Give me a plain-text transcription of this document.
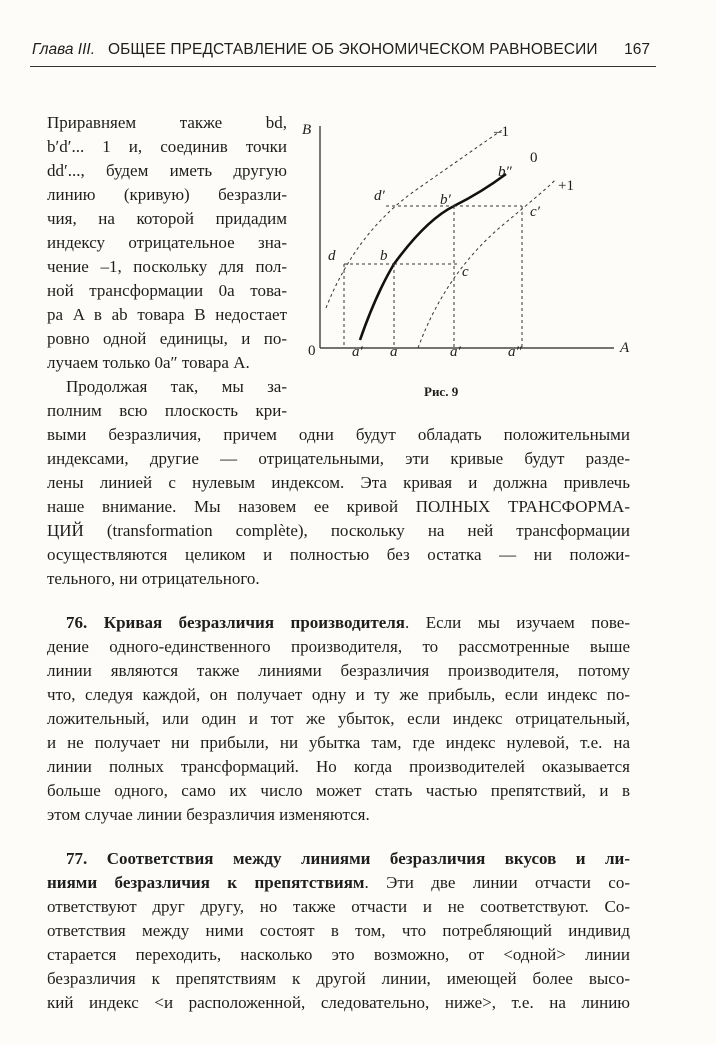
Глава III. ОБЩЕЕ ПРЕДСТАВЛЕНИЕ ОБ ЭКОНОМИЧЕСКОМ РАВНОВЕСИИ 167
Приравняем также bd,
b′d′... 1 и, соединив точки
dd′..., будем иметь другую
линию (кривую) безразли-
чия, на которой придадим
индексу отрицательное зна-
чение –1, поскольку для пол-
ной трансформации 0a това-
ра A в ab товара B недостает
ровно одной единицы, и по-
лучаем только 0a″ товара A.
Продолжая так, мы за-
полним всю плоскость кри-
выми безразличия, причем одни будут обладать положительными
индексами, другие — отрицательными, эти кривые будут разде-
лены линией с нулевым индексом. Эта кривая и должна привлечь
наше внимание. Мы назовем ее кривой ПОЛНЫХ ТРАНСФОРМА-
ЦИЙ (transformation complète), поскольку на ней трансформации
осуществляются целиком и полностью без остатка — ни положи-
тельного, ни отрицательного.
76. Кривая безразличия производителя. Если мы изучаем пове-
дение одного-единственного производителя, то рассмотренные выше
линии являются также линиями безразличия производителя, потому
что, следуя каждой, он получает одну и ту же прибыль, если индекс по-
ложительный, или один и тот же убыток, если индекс отрицательный,
и не получает ни прибыли, ни убытка там, где индекс нулевой, т.е. на
линии полных трансформаций. Но когда производителей оказывается
больше одного, само их число может стать частью препятствий, и в
этом случае линии безразличия изменяются.
77. Соответствия между линиями безразличия вкусов и ли-
ниями безразличия к препятствиям. Эти две линии отчасти со-
ответствуют друг другу, но также отчасти и не соответствуют. Со-
ответствия между ними состоят в том, что потребляющий индивид
старается переходить, насколько это возможно, от <одной> линии
безразличия к препятствиям к другой линии, имеющей более высо-
кий индекс <и расположенной, следовательно, ниже>, т.е. на линию
B
A
0
–1
0
+1
d
d′
b
b′
b″
c
c′
a′ a	a′	a″
Рис. 9
